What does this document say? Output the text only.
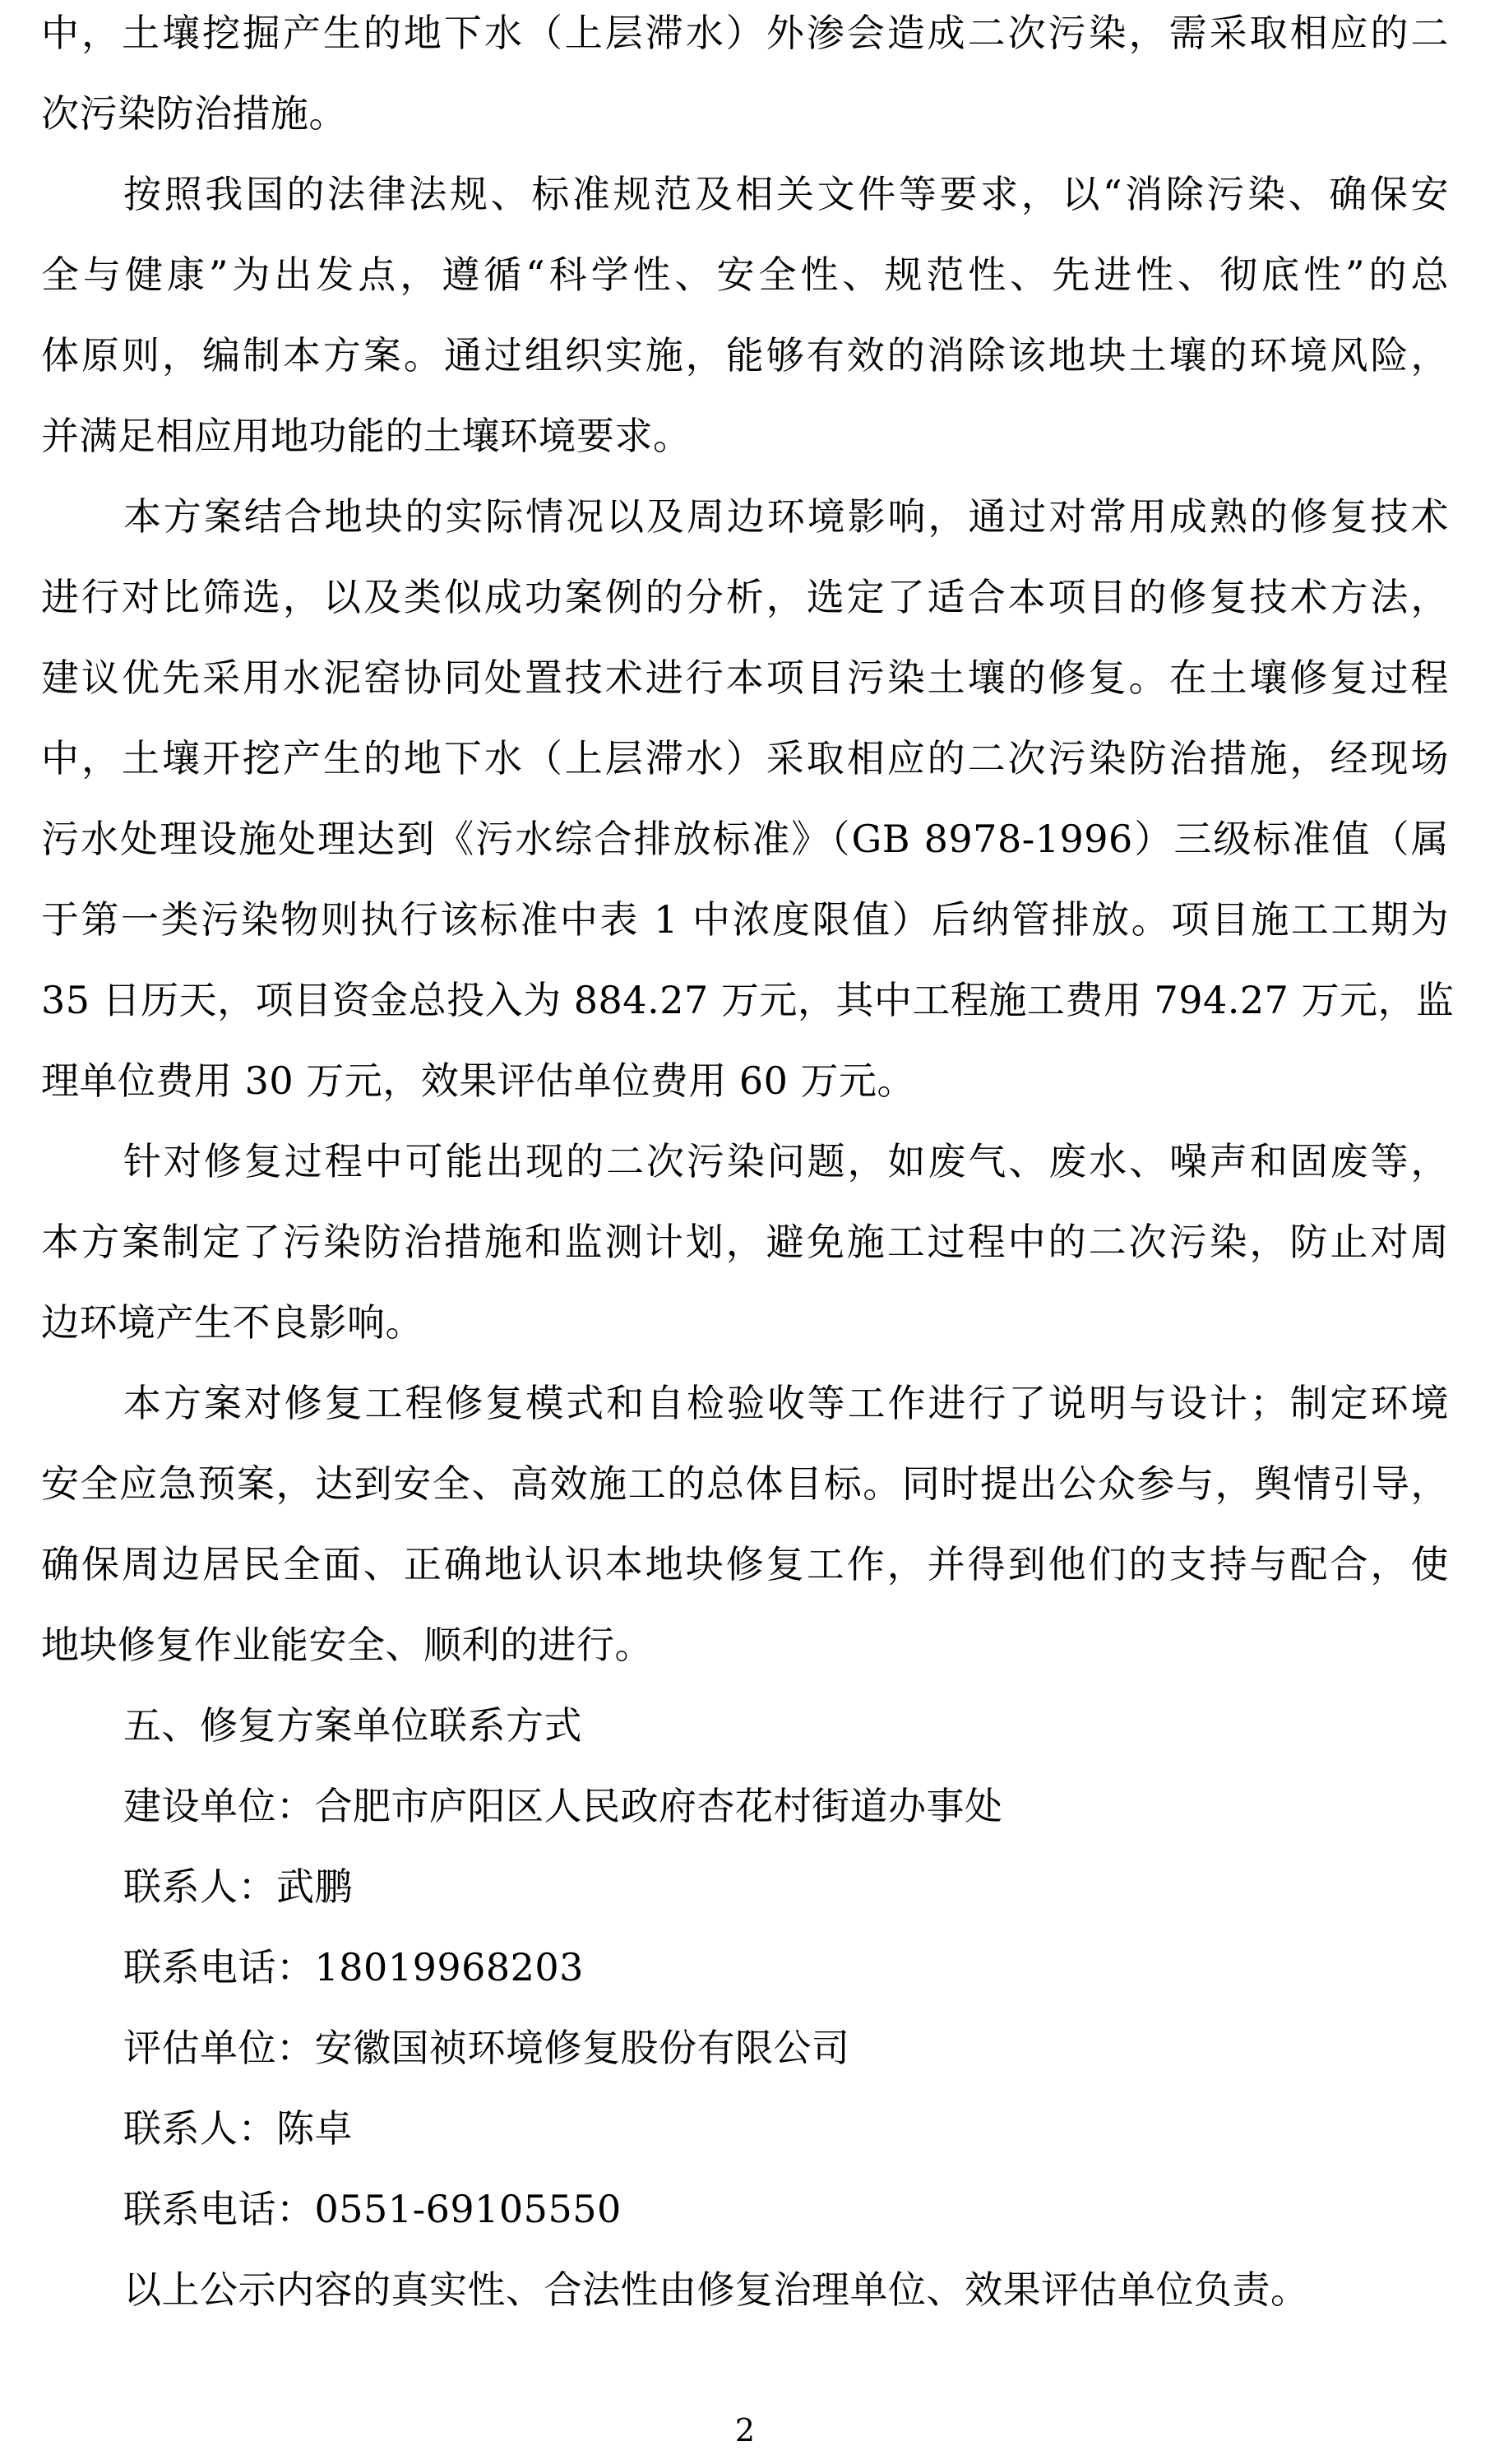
中，土壤挖掘产生的地下水（上层滞水）外渗会造成二次污染，需采取相应的二
次污染防治措施。
按照我国的法律法规、标准规范及相关文件等要求，以“消除污染、确保安
全与健康”为出发点，遵循“科学性、安全性、规范性、先进性、彻底性”的总
体原则，编制本方案。通过组织实施，能够有效的消除该地块土壤的环境风险，
并满足相应用地功能的土壤环境要求。
本方案结合地块的实际情况以及周边环境影响，通过对常用成熟的修复技术
进行对比筛选，以及类似成功案例的分析，选定了适合本项目的修复技术方法，
建议优先采用水泥窑协同处置技术进行本项目污染土壤的修复。在土壤修复过程
中，土壤开挖产生的地下水（上层滞水）采取相应的二次污染防治措施，经现场
污水处理设施处理达到《污水综合排放标准》（GB 8978-1996）三级标准值（属
于第一类污染物则执行该标准中表 1 中浓度限值）后纳管排放。项目施工工期为
35 日历天，项目资金总投入为 884.27 万元，其中工程施工费用 794.27 万元，监
理单位费用 30 万元，效果评估单位费用 60 万元。
针对修复过程中可能出现的二次污染问题，如废气、废水、噪声和固废等，
本方案制定了污染防治措施和监测计划，避免施工过程中的二次污染，防止对周
边环境产生不良影响。
本方案对修复工程修复模式和自检验收等工作进行了说明与设计；制定环境
安全应急预案，达到安全、高效施工的总体目标。同时提出公众参与，舆情引导，
确保周边居民全面、正确地认识本地块修复工作，并得到他们的支持与配合，使
地块修复作业能安全、顺利的进行。
五、修复方案单位联系方式
建设单位：合肥市庐阳区人民政府杏花村街道办事处
联系人：武鹏
联系电话：18019968203
评估单位：安徽国祯环境修复股份有限公司
联系人：陈卓
联系电话：0551-69105550
以上公示内容的真实性、合法性由修复治理单位、效果评估单位负责。
2
